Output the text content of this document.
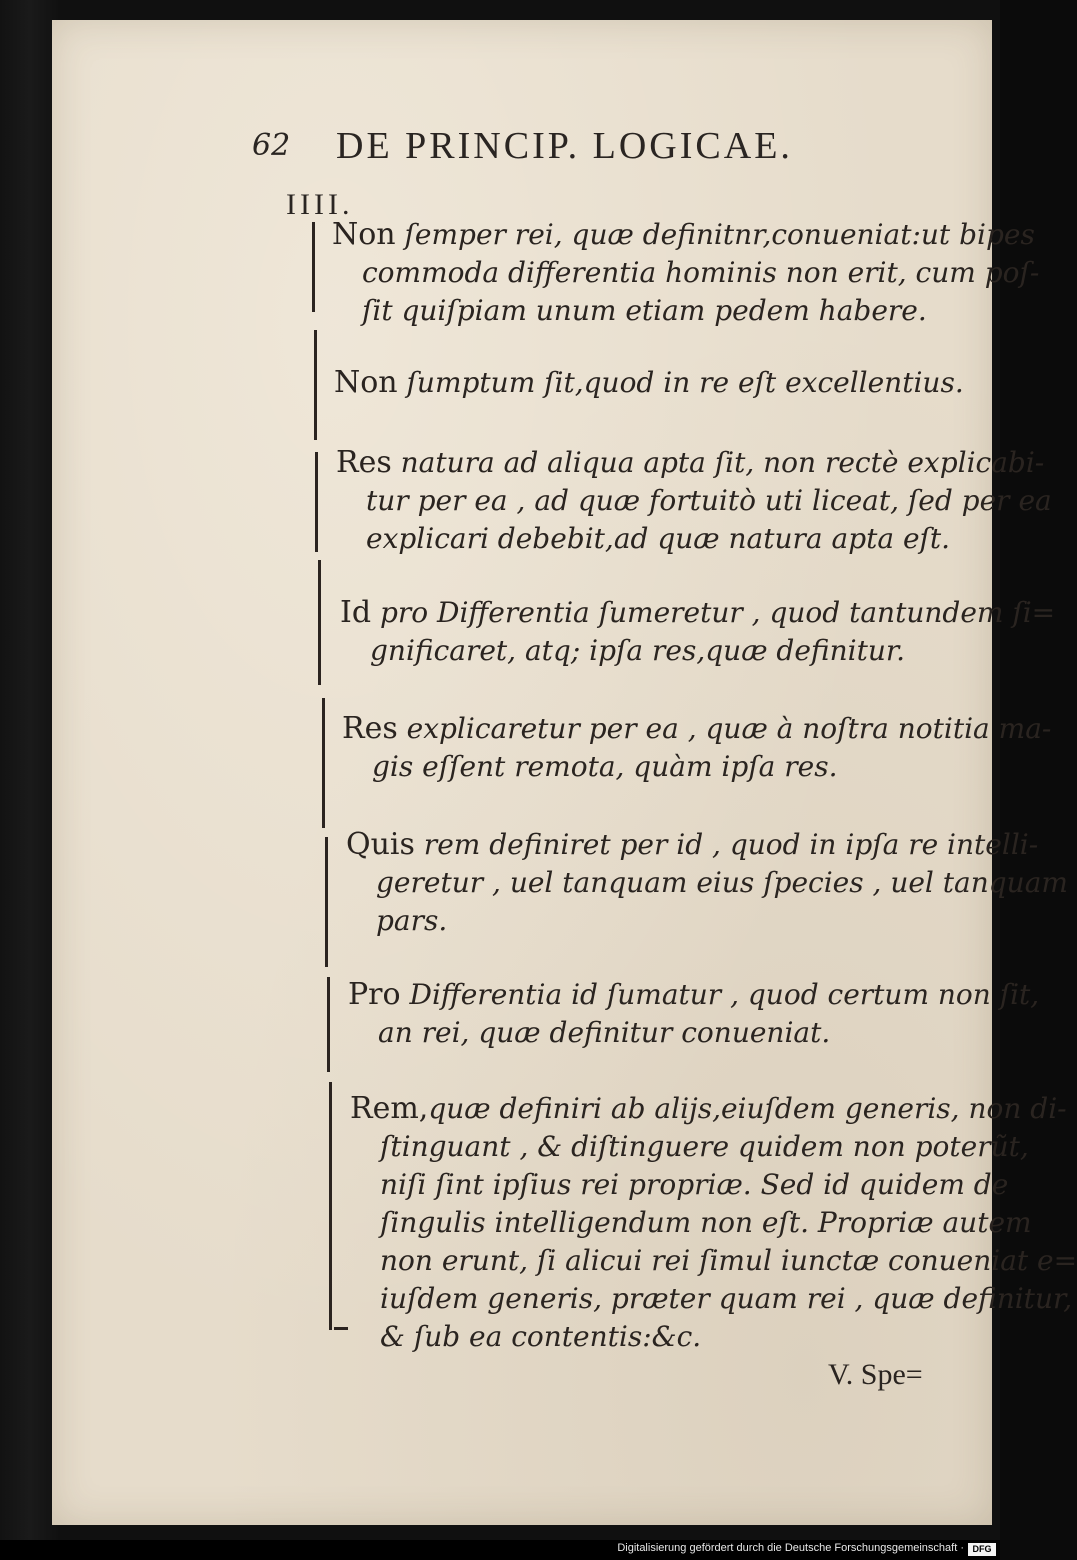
62 DE PRINCIP. LOGICAE.
IIII.
Non ſemper rei, quæ definitnr,conueniat:ut bipes
commoda differentia hominis non erit, cum poſ-
ſit quiſpiam unum etiam pedem habere.
Non ſumptum ſit,quod in re eſt excellentius.
Res natura ad aliqua apta ſit, non rectè explicabi-
tur per ea , ad quæ fortuitò uti liceat, ſed per ea
explicari debebit,ad quæ natura apta eſt.
Id pro Differentia ſumeretur , quod tantundem ſi=
gnificaret, atq; ipſa res,quæ definitur.
Res explicaretur per ea , quæ à noſtra notitia ma-
gis eſſent remota, quàm ipſa res.
Quis rem definiret per id , quod in ipſa re intelli-
geretur , uel tanquam eius ſpecies , uel tanquam
pars.
Pro Differentia id ſumatur , quod certum non ſit,
an rei, quæ definitur conueniat.
Rem,quæ definiri ab alijs,eiuſdem generis, non di-
ſtinguant , & diſtinguere quidem non poterũt,
niſi ſint ipſius rei propriæ. Sed id quidem de
ſingulis intelligendum non eſt. Propriæ autem
non erunt, ſi alicui rei ſimul iunctæ conueniat e=
iuſdem generis, præter quam rei , quæ definitur,
& ſub ea contentis:&c.
V. Spe=
Digitalisierung gefördert durch die Deutsche Forschungsgemeinschaft · DFG
